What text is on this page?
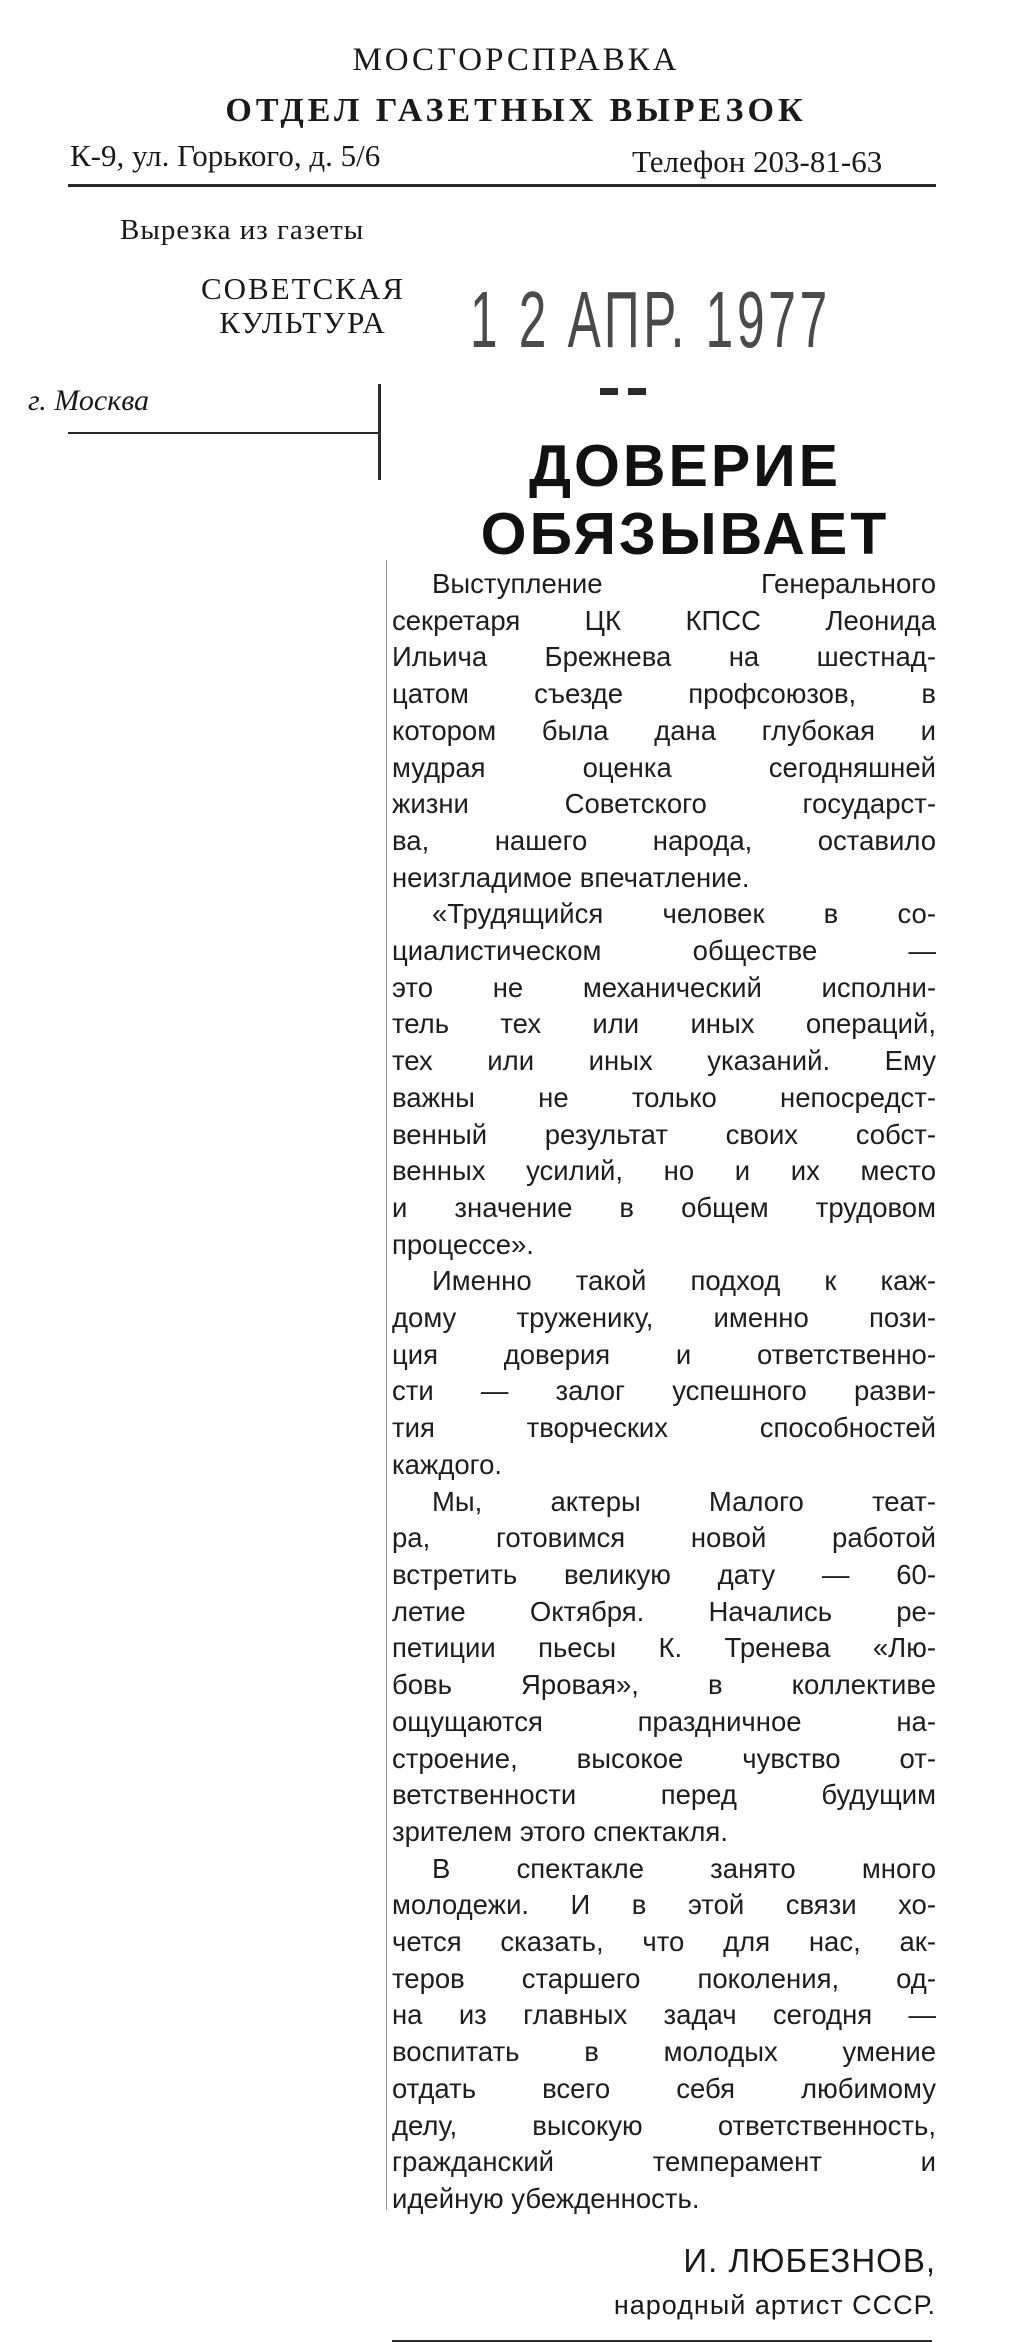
МОСГОРСПРАВКА
ОТДЕЛ ГАЗЕТНЫХ ВЫРЕЗОК
К-9, ул. Горького, д. 5/6	Телефон 203-81-63
Вырезка из газеты
СОВЕТСКАЯ
КУЛЬТУРА	1 2 АПР. 1977
г. Москва
ДОВЕРИЕ
ОБЯЗЫВАЕТ
Выступление Генерального
секретаря ЦК КПСС Леонида
Ильича Брежнева на шестнад-
цатом съезде профсоюзов, в
котором была дана глубокая и
мудрая оценка сегодняшней
жизни Советского государст-
ва, нашего народа, оставило
неизгладимое впечатление.
«Трудящийся человек в со-
циалистическом обществе —
это не механический исполни-
тель тех или иных операций,
тех или иных указаний. Ему
важны не только непосредст-
венный результат своих собст-
венных усилий, но и их место
и значение в общем трудовом
процессе».
Именно такой подход к каж-
дому труженику, именно пози-
ция доверия и ответственно-
сти — залог успешного разви-
тия творческих способностей
каждого.
Мы, актеры Малого теат-
ра, готовимся новой работой
встретить великую дату — 60-
летие Октября. Начались ре-
петиции пьесы К. Тренева «Лю-
бовь Яровая», в коллективе
ощущаются праздничное на-
строение, высокое чувство от-
ветственности перед будущим
зрителем этого спектакля.
В спектакле занято много
молодежи. И в этой связи хо-
чется сказать, что для нас, ак-
теров старшего поколения, од-
на из главных задач сегодня —
воспитать в молодых умение
отдать всего себя любимому
делу, высокую ответственность,
гражданский темперамент и
идейную убежденность.
И. ЛЮБЕЗНОВ,
народный артист СССР.
